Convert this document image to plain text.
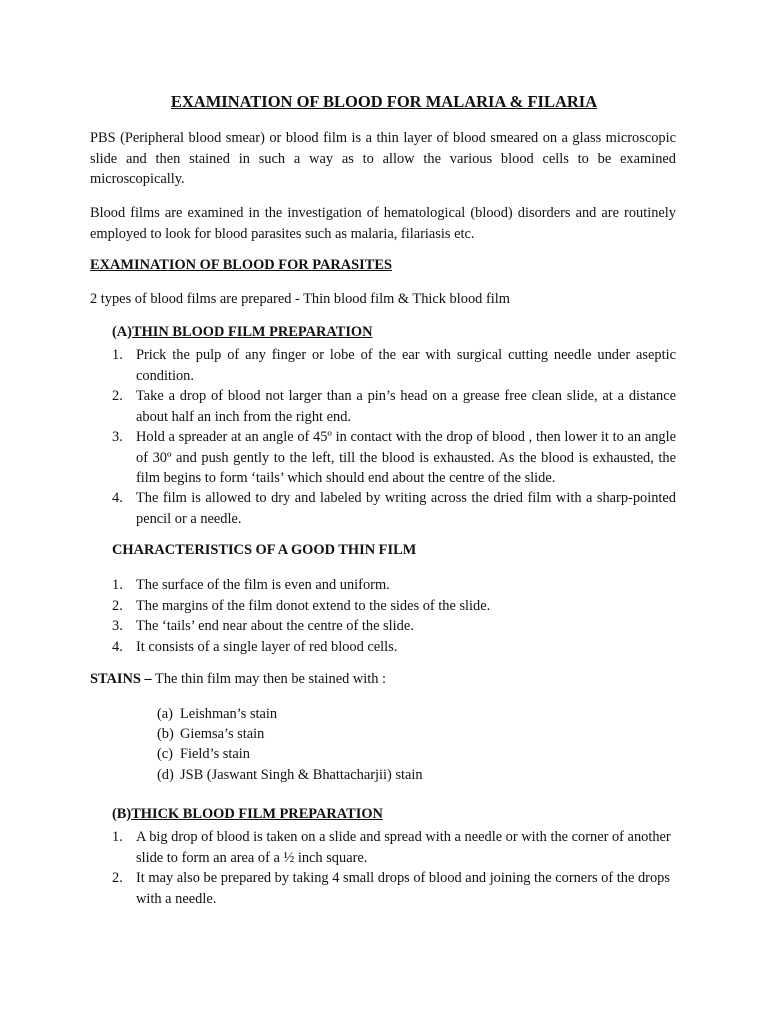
EXAMINATION OF BLOOD FOR MALARIA & FILARIA
PBS (Peripheral blood smear) or blood film is a thin layer of blood smeared on a glass microscopic slide and then stained in such a way as to allow the various blood cells to be examined microscopically.
Blood films are examined in the investigation of hematological (blood) disorders and are routinely employed to look for blood parasites such as malaria, filariasis etc.
EXAMINATION OF BLOOD FOR PARASITES
2 types of blood films are prepared - Thin blood film & Thick blood film
(A)THIN BLOOD FILM PREPARATION
1. Prick the pulp of any finger or lobe of the ear with surgical cutting needle under aseptic condition.
2. Take a drop of blood not larger than a pin’s head on a grease free clean slide, at a distance about half an inch from the right end.
3. Hold a spreader at an angle of 45º in contact with the drop of blood , then lower it to an angle of 30º and push gently to the left, till the blood is exhausted. As the blood is exhausted, the film begins to form ‘tails’ which should end about the centre of the slide.
4. The film is allowed to dry and labeled by writing across the dried film with a sharp-pointed pencil or a needle.
CHARACTERISTICS OF A GOOD THIN FILM
1. The surface of the film is even and uniform.
2. The margins of the film donot extend to the sides of the slide.
3. The ‘tails’ end near about the centre of the slide.
4. It consists of a single layer of red blood cells.
STAINS – The thin film may then be stained with :
(a) Leishman’s stain
(b) Giemsa’s stain
(c) Field’s stain
(d) JSB (Jaswant Singh & Bhattacharjii) stain
(B)THICK BLOOD FILM PREPARATION
1. A big drop of blood is taken on a slide and spread with a needle or with the corner of another slide to form an area of a ½ inch square.
2. It may also be prepared by taking 4 small drops of blood and joining the corners of the drops with a needle.
